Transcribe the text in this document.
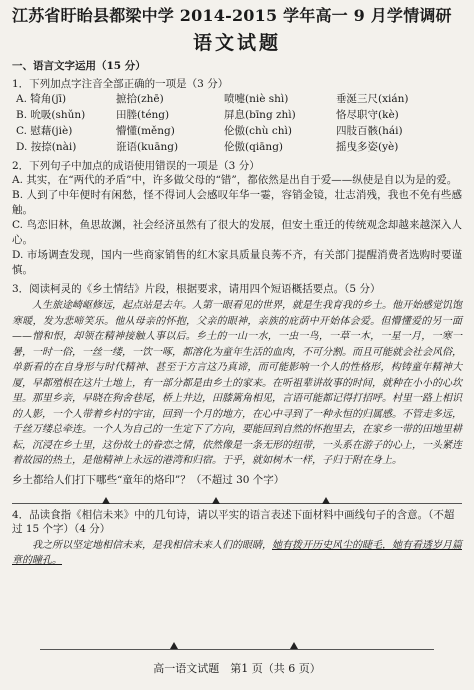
江苏省盱眙县都梁中学 2014-2015 学年高一 9 月学情调研
语文试题
一、语言文字运用（15 分）
1．下列加点字注音全部正确的一项是（3 分）
A. 犄角(jī)	摭拾(zhē)	喷嚏(niè shì)	垂涎三尺(xián)
B. 吮吸(shǔn)	田塍(téng)	屏息(bīng zhì)	恪尽职守(kè)
C. 慰藉(jiè)	懵懂(měng)	伦傲(chù chì)	四肢百骸(hái)
D. 按捺(nài)	诳语(kuāng)	伦傲(qiāng)	摇曳多姿(yè)
2．下列句子中加点的成语使用错误的一项是（3 分）
A. 其实，在“两代的矛盾”中，许多做父母的“错”，都依然是出自于爱——纵使是自以为是的爱。
B. 人到了中年便时有闲愁，怪不得词人会感叹年华一霎，容销金镜，壮志消残，我也不免有些感触。
C. 鸟恋旧林，鱼思故渊，社会经济虽然有了很大的发展，但安土重迁的传统观念却越来越深入人心。
D. 市场调查发现，国内一些商家销售的红木家具质量良莠不齐，有关部门提醒消费者选购时要谨慎。
3．阅读柯灵的《乡土情结》片段，根据要求，请用四个短语概括要点。（5 分）
人生旅途崎岖修远，起点站是去年。人第一眼看见的世界，就是生我育我的乡土。他开始感觉饥饱寒暖，发为悲啼笑乐。他从母亲的怀抱，父亲的眼神，亲族的庇荫中开始体会爱。但懵懂爱的另一面——憎和恨，却领在精神接触人事以后。乡土的一山一水，一虫一鸟，一草一木，一星一月，一寒一暑，一时一俗，一丝一缕，一饮一啄，都溶化为童年生活的血肉，不可分割。而且可能就会社会风俗，单新看的在自身形与时代精神、甚至于方言这乃真谛，而可能影响一个人的性格形，构铸童年精神大厦，早都殖根在这片土地上，有一部分都是由乡土的家来。在听祖辈讲故事的时间，就种在小小的心坎里。那里乡亲，早晓在狗舍巷尾，桥上井边，田膝篱角相见，言语可能都记得打招呼。村里一路上相识的人影，一个人带着乡村的宇宙，回到一个月的地方，在心中寻到了一种永恒的归属感。不管走多远，千丝万缕总牵连。一个人为自己的一生定下了方向，要能回到自然的怀抱里去，在家乡一带的田地里耕耘，沉浸在乡土里，这份故土的眷恋之情，依然像是一条无形的纽带，一头系在游子的心上，一头紧连着故园的热土，是他精神上永远的港湾和归宿。于乎，就如树木一样，子归于附在身上。
乡土都给人们打下哪些“童年的烙印”？（不超过 30 个字）
4．品读食指《相信未来》中的几句诗，请以平实的语言表述下面材料中画线句子的含意。（不超过 15 个字）（4 分）
我之所以坚定地相信未来，是我相信未来人们的眼睛，她有拨开历史风尘的睫毛，她有看透岁月篇章的瞳孔。
高一语文试题　第1 页（共 6 页）
